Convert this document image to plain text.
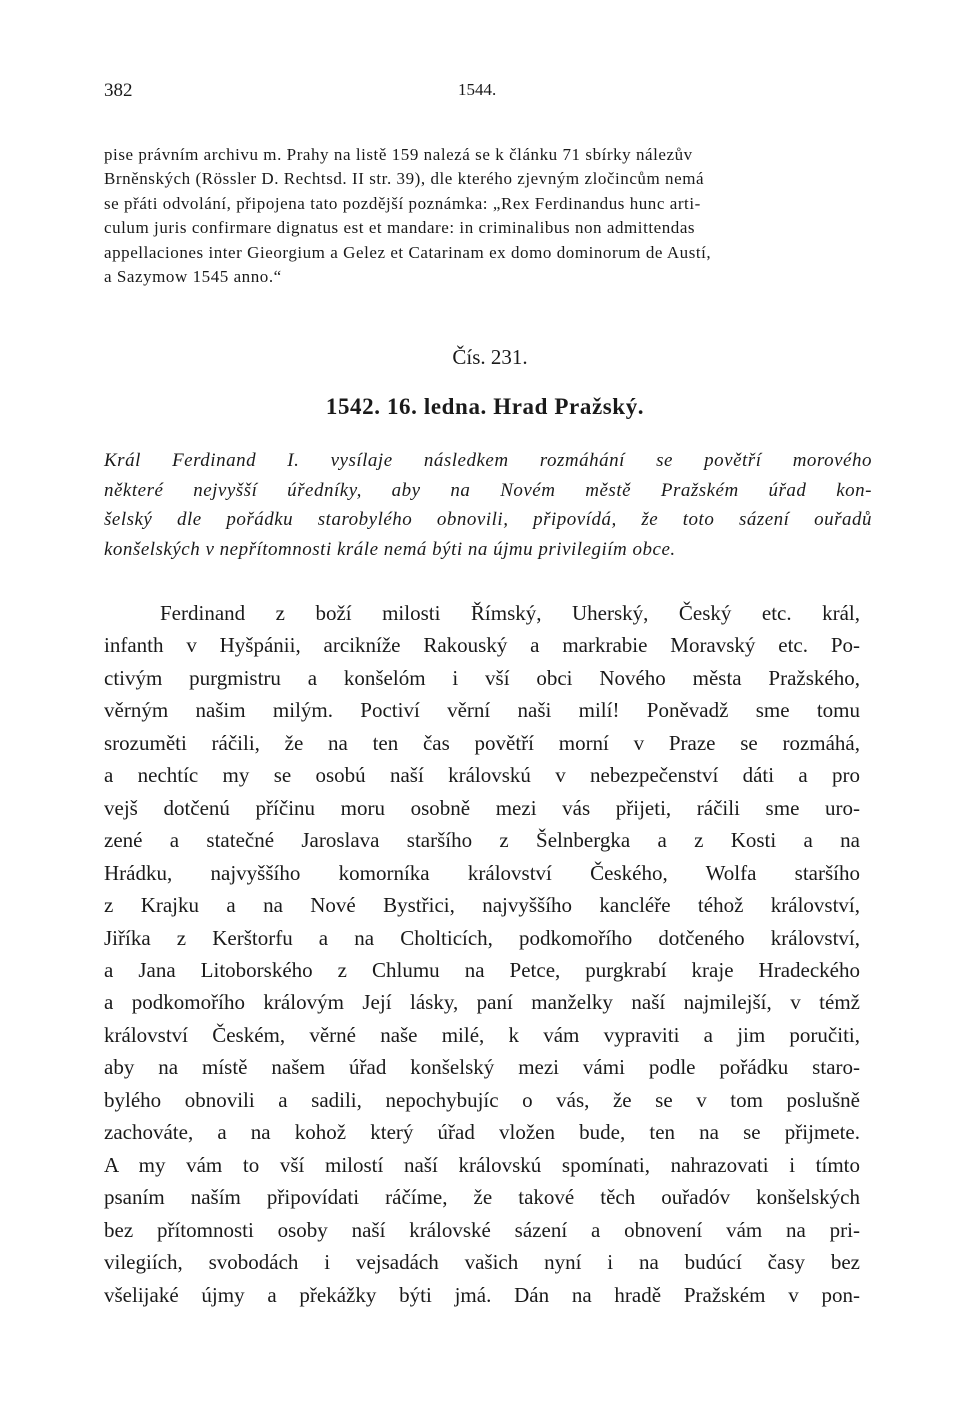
382	1544.
pise právním archivu m. Prahy na listě 159 nalezá se k článku 71 sbírky nálezův
Brněnských (Rössler D. Rechtsd. II str. 39), dle kterého zjevným zločincům nemá
se přáti odvolání, připojena tato pozdější poznámka: „Rex Ferdinandus hunc arti-
culum juris confirmare dignatus est et mandare: in criminalibus non admittendas
appellaciones inter Gieorgium a Gelez et Catarinam ex domo dominorum de Austí,
a Sazymow 1545 anno.“
Čís. 231.
1542. 16. ledna. Hrad Pražský.
Král Ferdinand I. vysílaje následkem rozmáhání se povětří morového
některé nejvyšší úředníky, aby na Novém městě Pražském úřad kon-
šelský dle pořádku starobylého obnovili, připovídá, že toto sázení ouřadů
konšelských v nepřítomnosti krále nemá býti na újmu privilegiím obce.
Ferdinand z boží milosti Římský, Uherský, Český etc. král,
infanth v Hyšpánii, arcikníže Rakouský a markrabie Moravský etc. Po-
ctivým purgmistru a konšelóm i vší obci Nového města Pražského,
věrným našim milým. Poctiví věrní naši milí! Poněvadž sme tomu
srozuměti ráčili, že na ten čas povětří morní v Praze se rozmáhá,
a nechtíc my se osobú naší královskú v nebezpečenství dáti a pro
vejš dotčenú příčinu moru osobně mezi vás přijeti, ráčili sme uro-
zené a statečné Jaroslava staršího z Šelnbergka a z Kosti a na
Hrádku, najvyššího komorníka království Českého, Wolfa staršího
z Krajku a na Nové Bystřici, najvyššího kancléře téhož království,
Jiříka z Kerštorfu a na Cholticích, podkomořího dotčeného království,
a Jana Litoborského z Chlumu na Petce, purgkrabí kraje Hradeckého
a podkomořího královým Její lásky, paní manželky naší najmilejší, v témž
království Českém, věrné naše milé, k vám vypraviti a jim poručiti,
aby na místě našem úřad konšelský mezi vámi podle pořádku staro-
bylého obnovili a sadili, nepochybujíc o vás, že se v tom poslušně
zachováte, a na kohož který úřad vložen bude, ten na se přijmete.
A my vám to vší milostí naší královskú spomínati, nahrazovati i tímto
psaním naším připovídati ráčíme, že takové těch ouřadóv konšelských
bez přítomnosti osoby naší královské sázení a obnovení vám na pri-
vilegiích, svobodách i vejsadách vašich nyní i na budúcí časy bez
všelijaké újmy a překážky býti jmá. Dán na hradě Pražském v pon-
